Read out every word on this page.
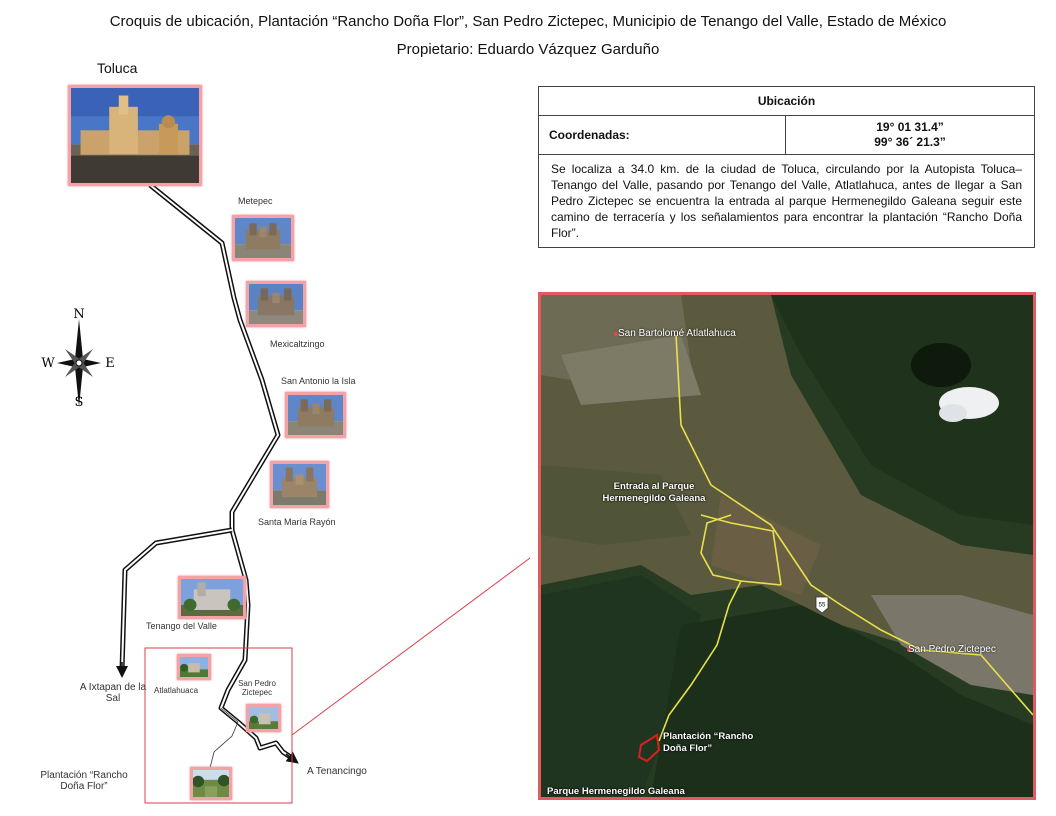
Croquis de ubicación, Plantación “Rancho Doña Flor”, San Pedro Zictepec, Municipio de Tenango del Valle, Estado de México
Propietario: Eduardo Vázquez Garduño
N
S
W	E
Toluca
Metepec
Mexicaltzingo
San Antonio la Isla
Santa María Rayón
Tenango del Valle
Atlatlahuaca
San Pedro Zictepec
A Ixtapan de la Sal
A Tenancingo
Plantación “Rancho Doña Flor”
Ubicación
Coordenadas:	
19° 01 31.4”
99° 36´ 21.3”

Se localiza a 34.0 km. de la ciudad de Toluca, circulando por la Autopista Toluca–Tenango del Valle, pasando por Tenango del Valle, Atlatlahuca, antes de llegar a San Pedro Zictepec se encuentra la entrada al parque Hermenegildo Galeana seguir este camino de terracería y los señalamientos para encontrar la plantación “Rancho Doña Flor”.
55
San Bartolomé Atlatlahuca
San Pedro Zictepec
Entrada al Parque Hermenegildo Galeana
Plantación “Rancho Doña Flor”
Parque Hermenegildo Galeana
